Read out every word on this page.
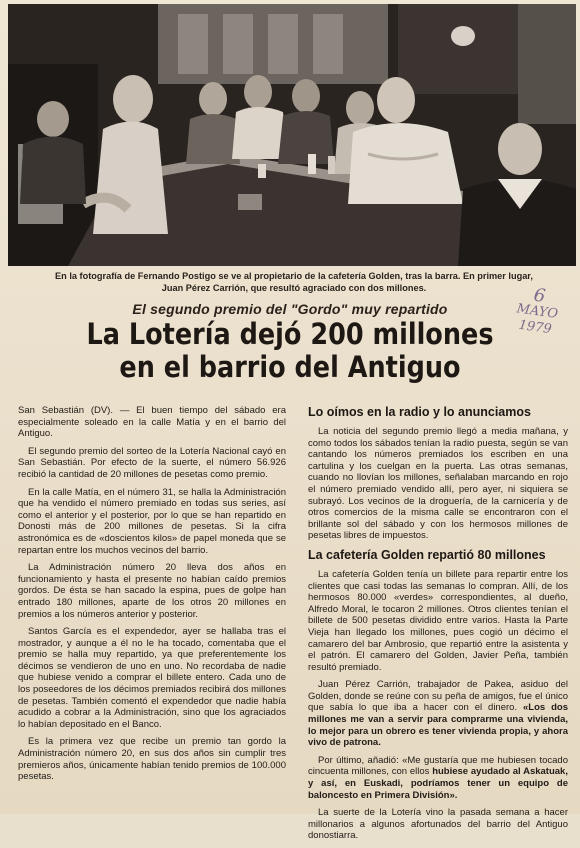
En la fotografía de Fernando Postigo se ve al propietario de la cafetería Golden, tras la barra. En primer lugar,
Juan Pérez Carrión, que resultó agraciado con dos millones.
El segundo premio del "Gordo" muy repartido
La Lotería dejó 200 millones
en el barrio del Antiguo
6
MAYO
1979

San Sebastián (DV). — El buen tiempo del sábado era especialmente soleado en la calle Matía y en el barrio del Antiguo.

El segundo premio del sorteo de la Lotería Nacional cayó en San Sebastián. Por efecto de la suerte, el número 56.926 recibió la cantidad de 20 millones de pesetas como premio.

En la calle Matía, en el número 31, se halla la Administración que ha vendido el número premiado en todas sus series, así como el anterior y el posterior, por lo que se han repartido en Donosti más de 200 millones de pesetas. Si la cifra astronómica es de «doscientos kilos» de papel moneda que se repartan entre los muchos vecinos del barrio.

La Administración número 20 lleva dos años en funcionamiento y hasta el presente no habían caído premios gordos. De ésta se han sacado la espina, pues de golpe han entrado 180 millones, aparte de los otros 20 millones en premios a los números anterior y posterior.

Santos García es el expendedor, ayer se hallaba tras el mostrador, y aunque a él no le ha tocado, comentaba que el premio se halla muy repartido, ya que preferentemente los décimos se vendieron de uno en uno. No recordaba de nadie que hubiese venido a comprar el billete entero. Cada uno de los poseedores de los décimos premiados recibirá dos millones de pesetas. También comentó el expendedor que nadie había acudido a cobrar a la Administración, sino que los agraciados lo habían depositado en el Banco.

Es la primera vez que recibe un premio tan gordo la Administración número 20, en sus dos años sin cumplir tres premieros años, únicamente habían tenido premios de 100.000 pesetas.

Lo oímos en la radio y lo anunciamos

La noticia del segundo premio llegó a media mañana, y como todos los sábados tenían la radio puesta, según se van cantando los números premiados los escriben en una cartulina y los cuelgan en la puerta. Las otras semanas, cuando no llovían los millones, señalaban marcando en rojo el número premiado vendido allí, pero ayer, ni siquiera se subrayó. Los vecinos de la droguería, de la carnicería y de otros comercios de la misma calle se encontraron con el brillante sol del sábado y con los hermosos millones de pesetas libres de impuestos.

La cafetería Golden repartió 80 millones

La cafetería Golden tenía un billete para repartir entre los clientes que casi todas las semanas lo compran. Allí, de los hermosos 80.000 «verdes» correspondientes, al dueño, Alfredo Moral, le tocaron 2 millones. Otros clientes tenían el billete de 500 pesetas dividido entre varios. Hasta la Parte Vieja han llegado los millones, pues cogió un décimo el camarero del bar Ambrosio, que repartió entre la asistenta y el patrón. El camarero del Golden, Javier Peña, también resultó premiado.

Juan Pérez Carrión, trabajador de Pakea, asiduo del Golden, donde se reúne con su peña de amigos, fue el único que sabía lo que iba a hacer con el dinero. «Los dos millones me van a servir para comprarme una vivienda, lo mejor para un obrero es tener vivienda propia, y ahora vivo de patrona.

Por último, añadió: «Me gustaría que me hubiesen tocado cincuenta millones, con ellos hubiese ayudado al Askatuak, y así, en Euskadi, podríamos tener un equipo de baloncesto en Primera División».

La suerte de la Lotería vino la pasada semana a hacer millonarios a algunos afortunados del barrio del Antiguo donostiarra.
